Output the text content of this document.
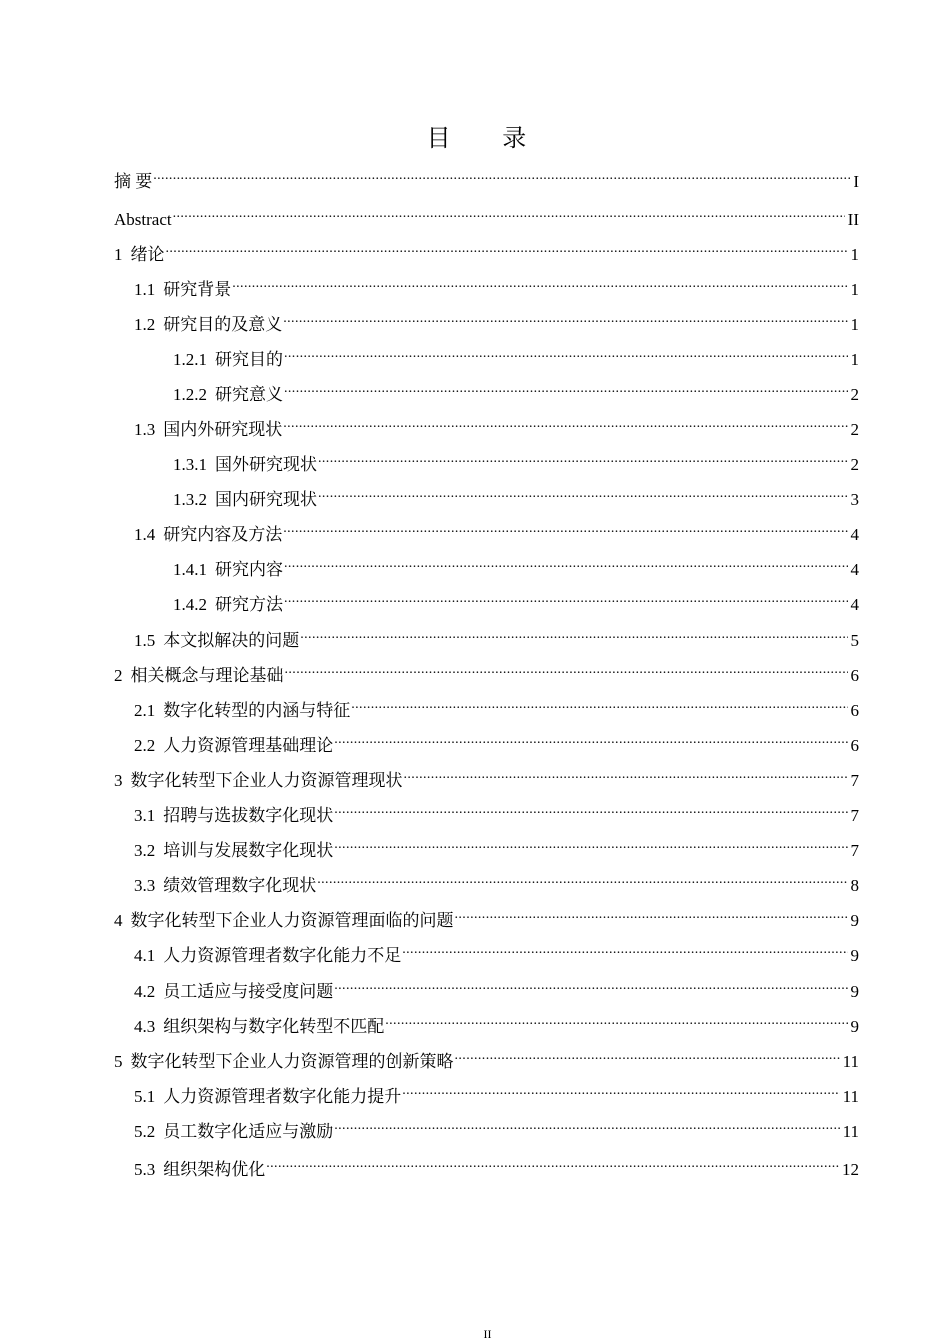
目 录
摘 要 .....	I
Abstract .....	II
1 绪论 .....	1
1.1 研究背景 .....	1
1.2 研究目的及意义 .....	1
1.2.1 研究目的 .....	1
1.2.2 研究意义 .....	2
1.3 国内外研究现状 .....	2
1.3.1 国外研究现状 .....	2
1.3.2 国内研究现状 .....	3
1.4 研究内容及方法 .....	4
1.4.1 研究内容 .....	4
1.4.2 研究方法 .....	4
1.5 本文拟解决的问题 .....	5
2 相关概念与理论基础 .....	6
2.1 数字化转型的内涵与特征 .....	6
2.2 人力资源管理基础理论 .....	6
3 数字化转型下企业人力资源管理现状 .....	7
3.1 招聘与选拔数字化现状 .....	7
3.2 培训与发展数字化现状 .....	7
3.3 绩效管理数字化现状 .....	8
4 数字化转型下企业人力资源管理面临的问题 .....	9
4.1 人力资源管理者数字化能力不足 .....	9
4.2 员工适应与接受度问题 .....	9
4.3 组织架构与数字化转型不匹配 .....	9
5 数字化转型下企业人力资源管理的创新策略 .....	11
5.1 人力资源管理者数字化能力提升 .....	11
5.2 员工数字化适应与激励 .....	11
5.3 组织架构优化 .....	12
II
